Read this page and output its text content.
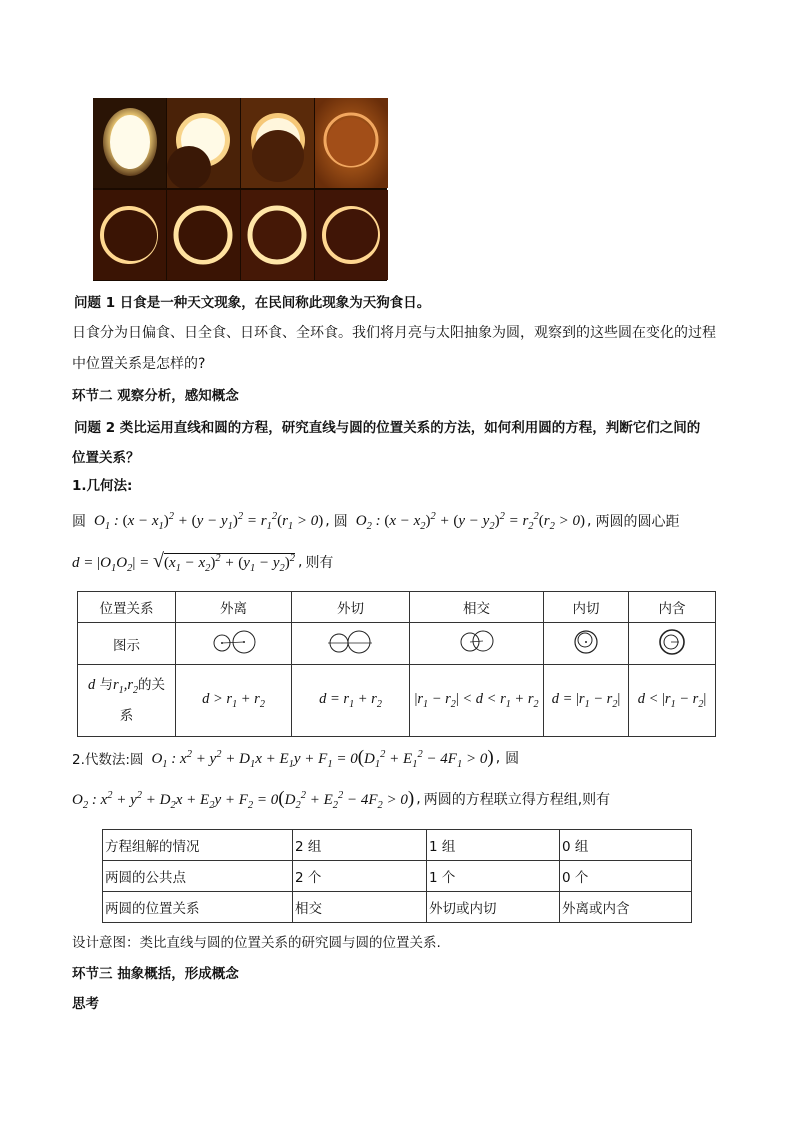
问题 1 日食是一种天文现象，在民间称此现象为天狗食日。
日食分为日偏食、日全食、日环食、全环食。我们将月亮与太阳抽象为圆，观察到的这些圆在变化的过程
中位置关系是怎样的?
环节二 观察分析，感知概念
问题 2 类比运用直线和圆的方程，研究直线与圆的位置关系的方法，如何利用圆的方程，判断它们之间的
位置关系？
1.几何法:
圆 $O_1$ : $(x - x_1)^2 + (y - y_1)^2 = r_1^2(r_1 > 0)$ , 圆 $O_2$ : $(x - x_2)^2 + (y - y_2)^2 = r_2^2(r_2 > 0)$ , 两圆的圆心距
$d = |O_1O_2| = √(x_1 - x_2)^2 + (y_1 - y_2)^2$ , 则有
位置关系	外离	外切	相交	内切	内含
图示					
d 与$r_1,r_2$的关
系	$d > r_1 + r_2$	$d = r_1 + r_2$	$|r_1 - r_2| < d < r_1 + r_2$	$d = |r_1 - r_2|$	$d < |r_1 - r_2|$
2.代数法:圆 $O_1$ : $x^2 + y^2 + D_1x + E_1y + F_1 = 0(D_1^2 + E_1^2 - 4F_1 > 0)$ , 圆
$O_2$ : $x^2 + y^2 + D_2x + E_2y + F_2 = 0(D_2^2 + E_2^2 - 4F_2 > 0)$ , 两圆的方程联立得方程组,则有
方程组解的情况	2 组	1 组	0 组
两圆的公共点	2 个	1 个	0 个
两圆的位置关系	相交	外切或内切	外离或内含
设计意图：类比直线与圆的位置关系的研究圆与圆的位置关系.
环节三 抽象概括，形成概念
思考
